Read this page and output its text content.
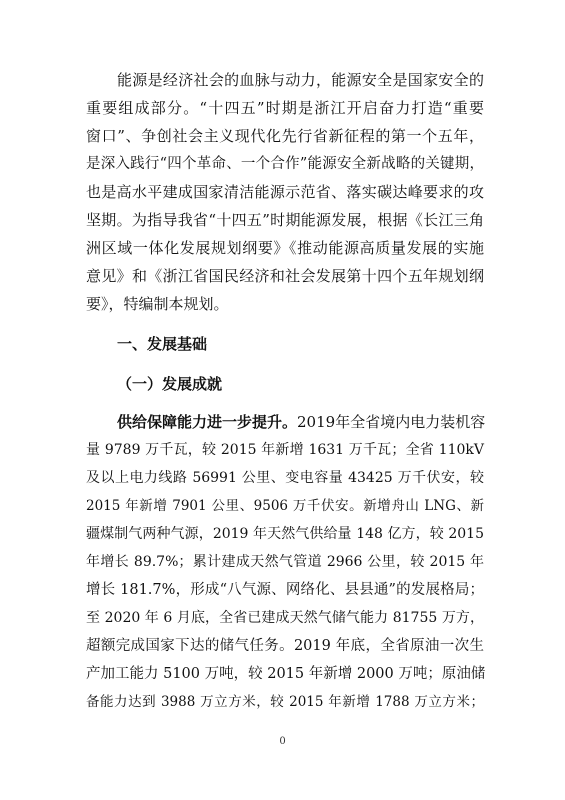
能源是经济社会的血脉与动力，能源安全是国家安全的
重要组成部分。“十四五”时期是浙江开启奋力打造“重要
窗口”、争创社会主义现代化先行省新征程的第一个五年，
是深入践行“四个革命、一个合作”能源安全新战略的关键期，
也是高水平建成国家清洁能源示范省、落实碳达峰要求的攻
坚期。为指导我省“十四五”时期能源发展，根据《长江三角
洲区域一体化发展规划纲要》《推动能源高质量发展的实施
意见》和《浙江省国民经济和社会发展第十四个五年规划纲
要》，特编制本规划。
一、发展基础
（一）发展成就
供给保障能力进一步提升。2019年全省境内电力装机容
量 9789 万千瓦，较 2015 年新增 1631 万千瓦；全省 110kV
及以上电力线路 56991 公里、变电容量 43425 万千伏安，较
2015 年新增 7901 公里、9506 万千伏安。新增舟山 LNG、新
疆煤制气两种气源，2019 年天然气供给量 148 亿方，较 2015
年增长 89.7%；累计建成天然气管道 2966 公里，较 2015 年
增长 181.7%，形成“八气源、网络化、县县通”的发展格局；
至 2020 年 6 月底，全省已建成天然气储气能力 81755 万方，
超额完成国家下达的储气任务。2019 年底，全省原油一次生
产加工能力 5100 万吨，较 2015 年新增 2000 万吨；原油储
备能力达到 3988 万立方米，较 2015 年新增 1788 万立方米；
0
